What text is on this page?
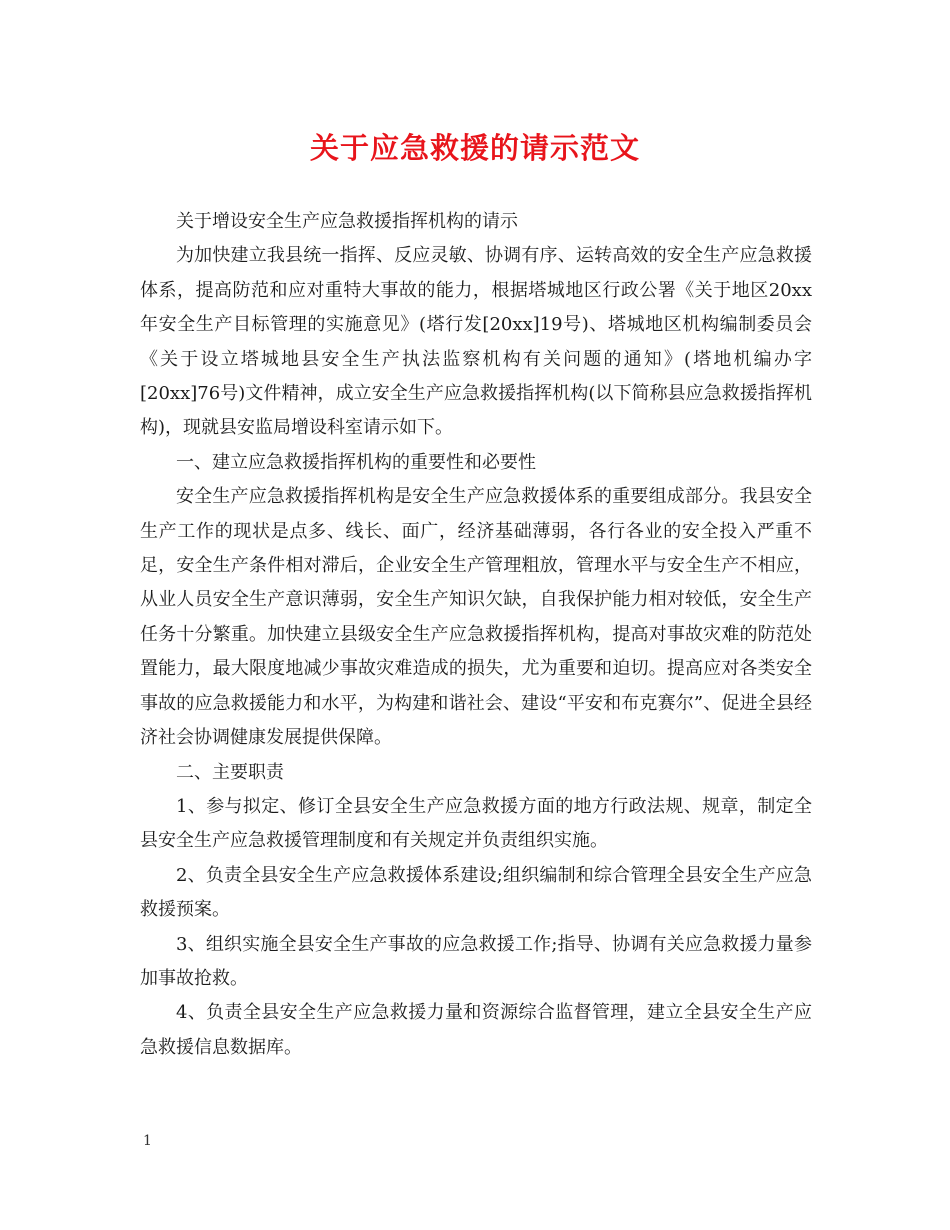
关于应急救援的请示范文

关于增设安全生产应急救援指挥机构的请示

为加快建立我县统一指挥、反应灵敏、协调有序、运转高效的安全生产应急救援体系，提高防范和应对重特大事故的能力，根据塔城地区行政公署《关于地区20xx年安全生产目标管理的实施意见》(塔行发[20xx]19号)、塔城地区机构编制委员会《关于设立塔城地县安全生产执法监察机构有关问题的通知》(塔地机编办字[20xx]76号)文件精神，成立安全生产应急救援指挥机构(以下简称县应急救援指挥机构)，现就县安监局增设科室请示如下。

一、建立应急救援指挥机构的重要性和必要性

安全生产应急救援指挥机构是安全生产应急救援体系的重要组成部分。我县安全生产工作的现状是点多、线长、面广，经济基础薄弱，各行各业的安全投入严重不足，安全生产条件相对滞后，企业安全生产管理粗放，管理水平与安全生产不相应，从业人员安全生产意识薄弱，安全生产知识欠缺，自我保护能力相对较低，安全生产任务十分繁重。加快建立县级安全生产应急救援指挥机构，提高对事故灾难的防范处置能力，最大限度地减少事故灾难造成的损失，尤为重要和迫切。提高应对各类安全事故的应急救援能力和水平，为构建和谐社会、建设“平安和布克赛尔”、促进全县经济社会协调健康发展提供保障。

二、主要职责

1、参与拟定、修订全县安全生产应急救援方面的地方行政法规、规章，制定全县安全生产应急救援管理制度和有关规定并负责组织实施。

2、负责全县安全生产应急救援体系建设;组织编制和综合管理全县安全生产应急救援预案。

3、组织实施全县安全生产事故的应急救援工作;指导、协调有关应急救援力量参加事故抢救。

4、负责全县安全生产应急救援力量和资源综合监督管理，建立全县安全生产应急救援信息数据库。

1
